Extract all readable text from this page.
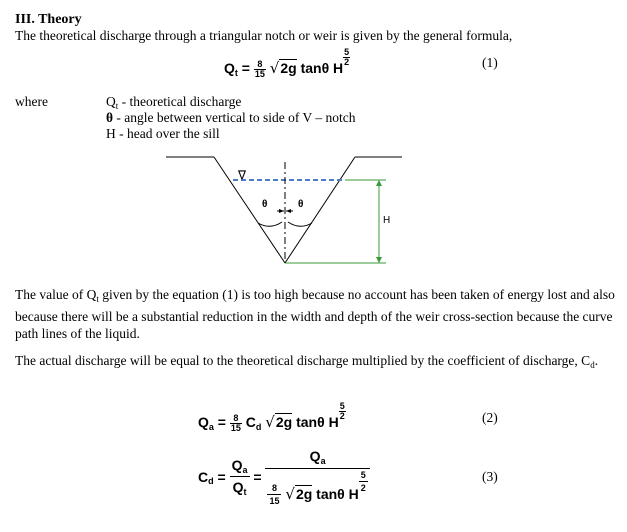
III. Theory
The theoretical discharge through a triangular notch or weir is given by the general formula,
$Q_t = \frac{8}{15} √2g$ tanθ H
$\frac{5}{2}$	(1)
where	$Q_t$ - theoretical discharge
θ - angle between vertical to side of V – notch
H - head over the sill
∇
θ	θ
H
The value of $Q_t$ given by the equation (1) is too high because no account has been taken of energy lost and also because there will be a substantial reduction in the width and depth of the weir cross-section because the curve path lines of the liquid.
The actual discharge will be equal to the theoretical discharge multiplied by the coefficient of discharge, $C_d$.
$Q_a = \frac{8}{15} C_d$ √2g tanθ H
$\frac{5}{2}$	(2)
$C_d = \frac{Q_a}{Q_t} = Q_a$
$\frac{8}{15} √2g$ tanθ H
$\frac{5}{2}$	(3)
